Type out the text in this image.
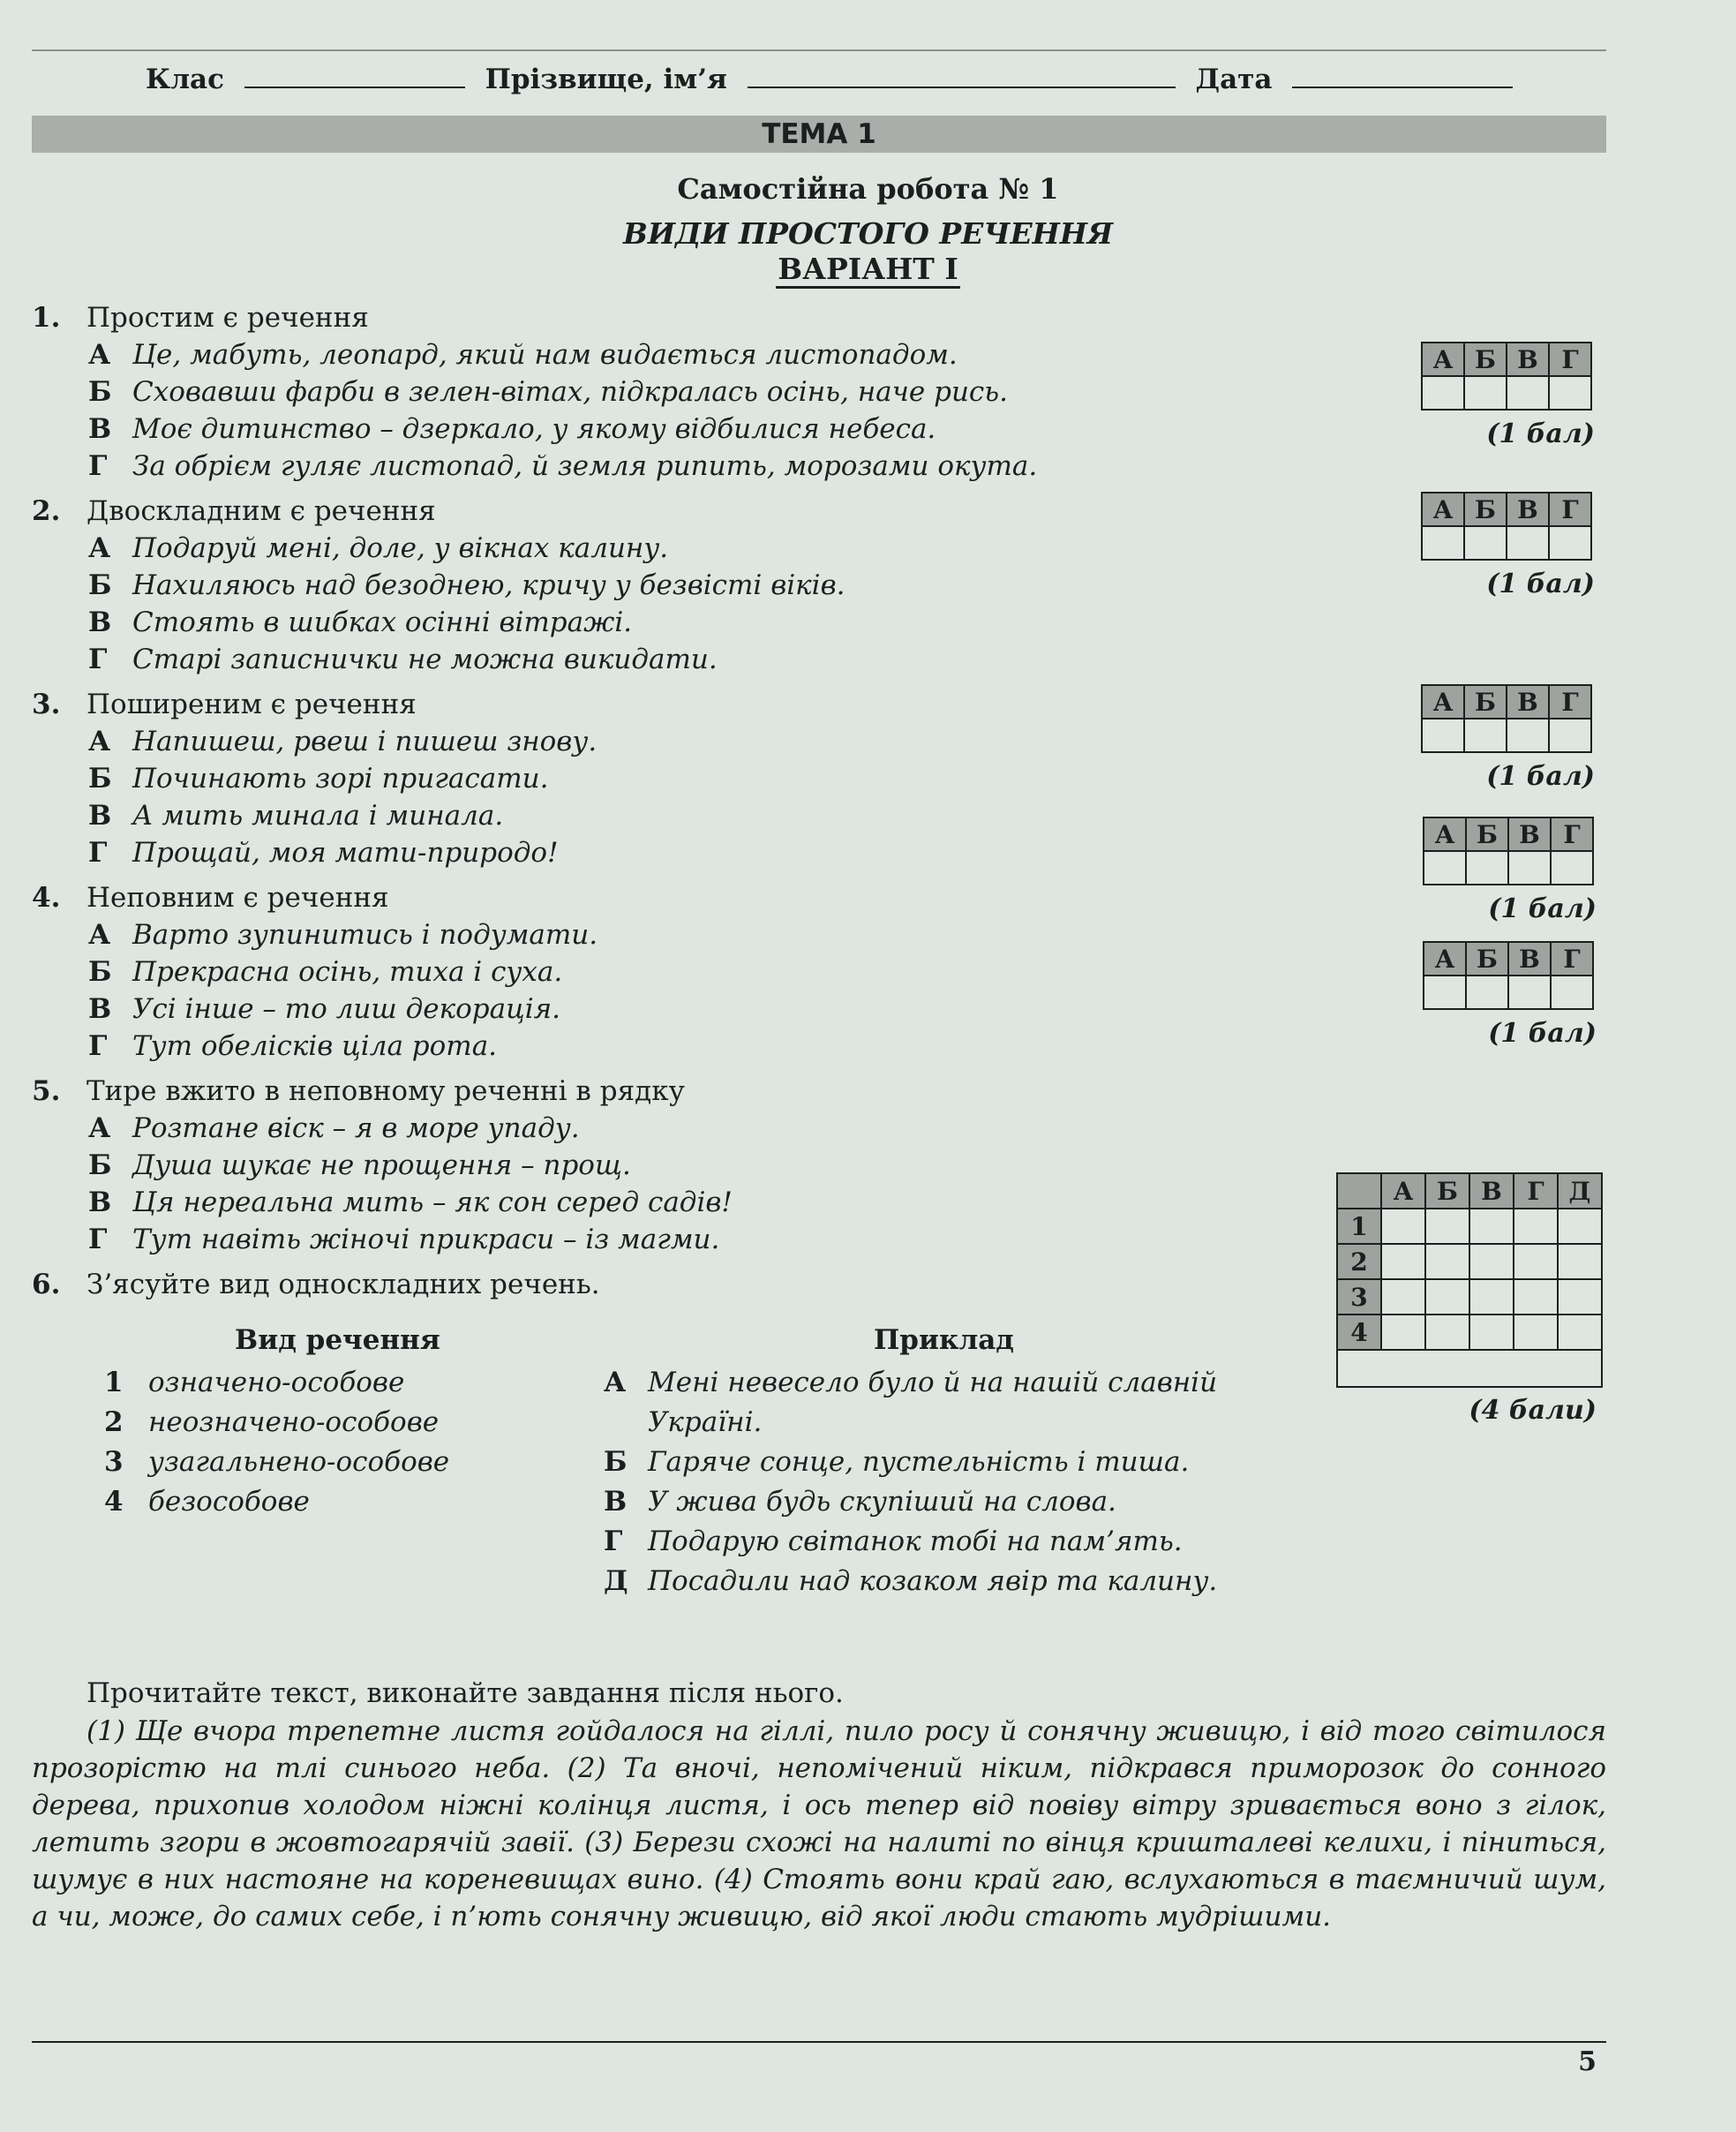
Клас	Прізвище, ім’я	Дата
ТЕМА 1
Самостійна робота № 1
ВИДИ ПРОСТОГО РЕЧЕННЯ
ВАРІАНТ І
1. Простим є речення
А Це, мабуть, леопард, який нам видається листопадом.
Б Сховавши фарби в зелен-вітах, підкралась осінь, наче рись.
В Моє дитинство – дзеркало, у якому відбилися небеса.
Г За обрієм гуляє листопад, й земля рипить, морозами окута.
2. Двоскладним є речення
А Подаруй мені, доле, у вікнах калину.
Б Нахиляюсь над безоднею, кричу у безвісті віків.
В Стоять в шибках осінні вітражі.
Г Старі записнички не можна викидати.
3. Поширеним є речення
А Напишеш, рвеш і пишеш знову.
Б Починають зорі пригасати.
В А мить минала і минала.
Г Прощай, моя мати-природо!
4. Неповним є речення
А Варто зупинитись і подумати.
Б Прекрасна осінь, тиха і суха.
В Усі інше – то лиш декорація.
Г Тут обелісків ціла рота.
5. Тире вжито в неповному реченні в рядку
А Розтане віск – я в море упаду.
Б Душа шукає не прощення – прощ.
В Ця нереальна мить – як сон серед садів!
Г Тут навіть жіночі прикраси – із магми.
6. З’ясуйте вид односкладних речень.
А	Б	В	Г

(1 бал)
А	Б	В	Г

(1 бал)
А	Б	В	Г

(1 бал)
А	Б	В	Г

(1 бал)
А	Б	В	Г

(1 бал)
Вид речення	Приклад
1 означено-особове
2 неозначено-особове
3 узагальнено-особове
4 безособове
А Мені невесело було й на нашій славній
Україні.
Б Гаряче сонце, пустельність і тиша.
В У жива будь скупіший на слова.
Г Подарую світанок тобі на пам’ять.
Д Посадили над козаком явір та калину.
	А	Б	В	Г	Д
1					
2					
3					
4					

(4 бали)
Прочитайте текст, виконайте завдання після нього.
(1) Ще вчора трепетне листя гойдалося на гіллі, пило росу й сонячну живицю, і від того світилося прозорістю на тлі синього неба. (2) Та вночі, непомічений ніким, підкрався приморозок до сонного дерева, прихопив холодом ніжні колінця листя, і ось тепер від повіву вітру зривається воно з гілок, летить згори в жовтогарячій завії. (3) Берези схожі на налиті по вінця кришталеві келихи, і піниться, шумує в них настояне на кореневищах вино. (4) Стоять вони край гаю, вслухаються в таємничий шум, а чи, може, до самих себе, і п’ють сонячну живицю, від якої люди стають мудрішими.
5
